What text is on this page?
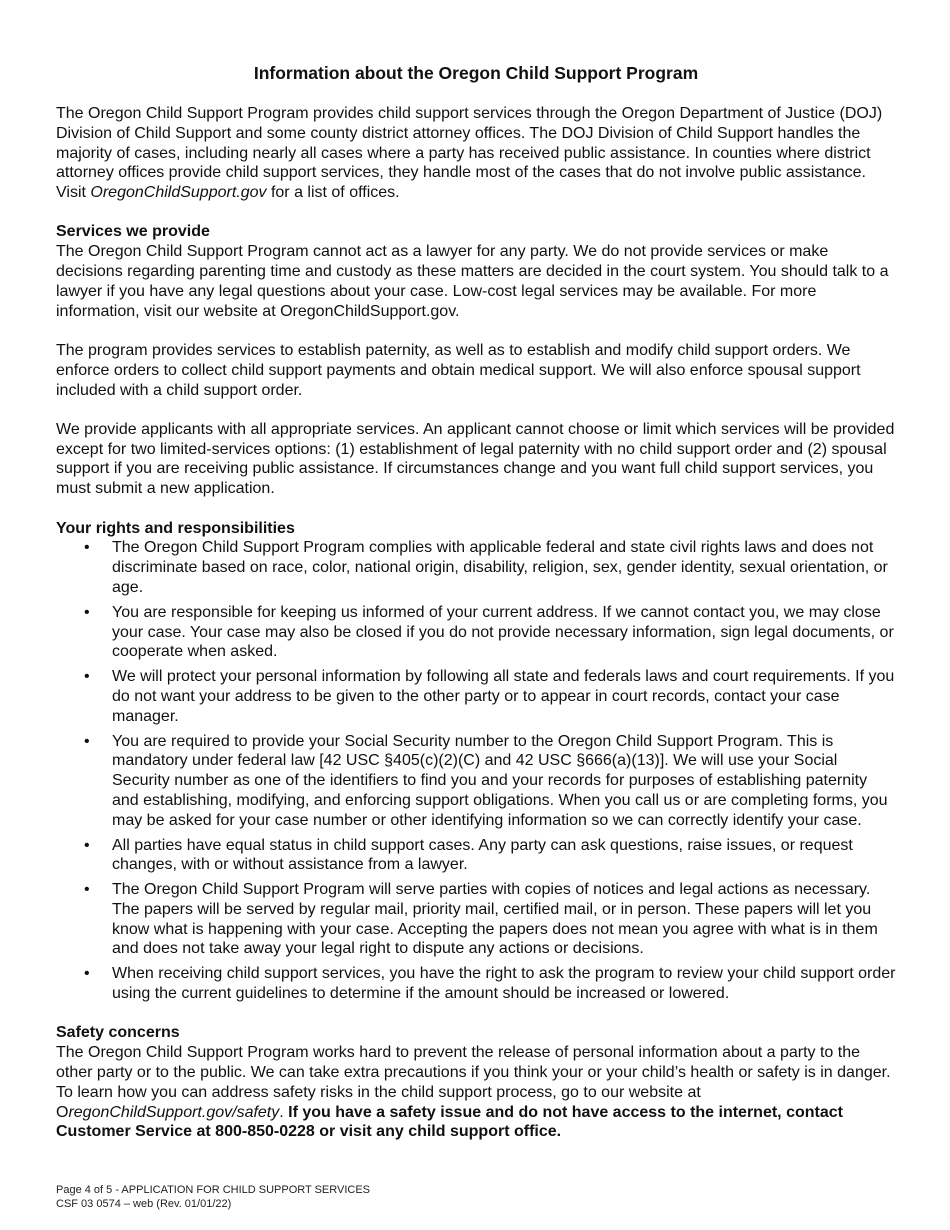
Information about the Oregon Child Support Program

The Oregon Child Support Program provides child support services through the Oregon Department of Justice (DOJ) Division of Child Support and some county district attorney offices. The DOJ Division of Child Support handles the majority of cases, including nearly all cases where a party has received public assistance. In counties where district attorney offices provide child support services, they handle most of the cases that do not involve public assistance. Visit OregonChildSupport.gov for a list of offices.

Services we provide

The Oregon Child Support Program cannot act as a lawyer for any party. We do not provide services or make decisions regarding parenting time and custody as these matters are decided in the court system. You should talk to a lawyer if you have any legal questions about your case. Low-cost legal services may be available. For more information, visit our website at OregonChildSupport.gov.

The program provides services to establish paternity, as well as to establish and modify child support orders. We enforce orders to collect child support payments and obtain medical support. We will also enforce spousal support included with a child support order.

We provide applicants with all appropriate services. An applicant cannot choose or limit which services will be provided except for two limited-services options: (1) establishment of legal paternity with no child support order and (2) spousal support if you are receiving public assistance. If circumstances change and you want full child support services, you must submit a new application.

Your rights and responsibilities
• The Oregon Child Support Program complies with applicable federal and state civil rights laws and does not discriminate based on race, color, national origin, disability, religion, sex, gender identity, sexual orientation, or age.
• You are responsible for keeping us informed of your current address. If we cannot contact you, we may close your case. Your case may also be closed if you do not provide necessary information, sign legal documents, or cooperate when asked.
• We will protect your personal information by following all state and federals laws and court requirements. If you do not want your address to be given to the other party or to appear in court records, contact your case manager.
• You are required to provide your Social Security number to the Oregon Child Support Program. This is mandatory under federal law [42 USC §405(c)(2)(C) and 42 USC §666(a)(13)]. We will use your Social Security number as one of the identifiers to find you and your records for purposes of establishing paternity and establishing, modifying, and enforcing support obligations. When you call us or are completing forms, you may be asked for your case number or other identifying information so we can correctly identify your case.
• All parties have equal status in child support cases. Any party can ask questions, raise issues, or request changes, with or without assistance from a lawyer.
• The Oregon Child Support Program will serve parties with copies of notices and legal actions as necessary. The papers will be served by regular mail, priority mail, certified mail, or in person. These papers will let you know what is happening with your case. Accepting the papers does not mean you agree with what is in them and does not take away your legal right to dispute any actions or decisions.
• When receiving child support services, you have the right to ask the program to review your child support order using the current guidelines to determine if the amount should be increased or lowered.
Safety concerns

The Oregon Child Support Program works hard to prevent the release of personal information about a party to the other party or to the public. We can take extra precautions if you think your or your child’s health or safety is in danger. To learn how you can address safety risks in the child support process, go to our website at OregonChildSupport.gov/safety. If you have a safety issue and do not have access to the internet, contact Customer Service at 800-850-0228 or visit any child support office.

Page 4 of 5 - APPLICATION FOR CHILD SUPPORT SERVICES
CSF 03 0574 – web (Rev. 01/01/22)
